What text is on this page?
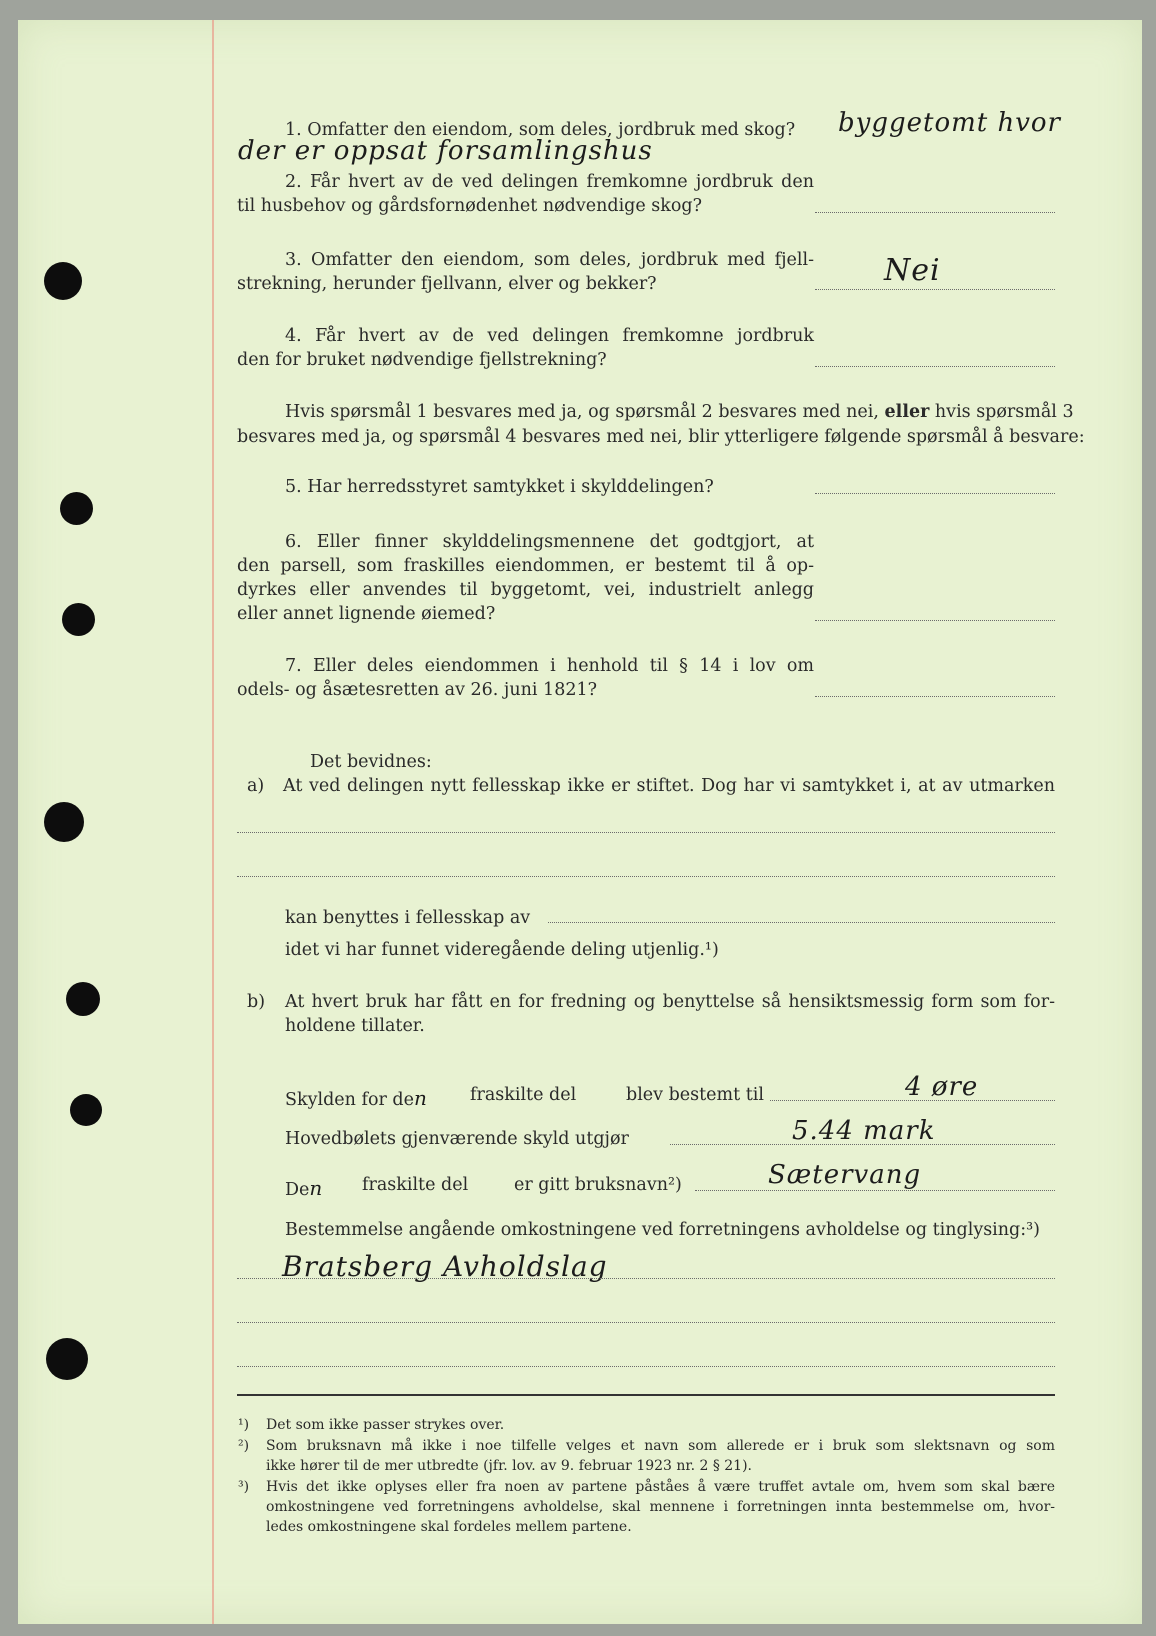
1. Omfatter den eiendom, som deles, jordbruk med skog? byggetomt hvor
der er oppsat forsamlingshus
2. Får hvert av de ved delingen fremkomne jordbruk den
til husbehov og gårdsfornødenhet nødvendige skog?
3. Omfatter den eiendom, som deles, jordbruk med fjell-
strekning, herunder fjellvann, elver og bekker?	Nei
4. Får hvert av de ved delingen fremkomne jordbruk
den for bruket nødvendige fjellstrekning?
Hvis spørsmål 1 besvares med ja, og spørsmål 2 besvares med nei, eller hvis spørsmål 3
besvares med ja, og spørsmål 4 besvares med nei, blir ytterligere følgende spørsmål å besvare:
5. Har herredsstyret samtykket i skylddelingen?
6. Eller finner skylddelingsmennene det godtgjort, at
den parsell, som fraskilles eiendommen, er bestemt til å op-
dyrkes eller anvendes til byggetomt, vei, industrielt anlegg
eller annet lignende øiemed?
7. Eller deles eiendommen i henhold til § 14 i lov om
odels- og åsætesretten av 26. juni 1821?
Det bevidnes:
a) At ved delingen nytt fellesskap ikke er stiftet. Dog har vi samtykket i, at av utmarken
kan benyttes i fellesskap av
idet vi har funnet videregående deling utjenlig.¹)
b) At hvert bruk har fått en for fredning og benyttelse så hensiktsmessig form som for-
holdene tillater.
Skylden for den fraskilte del	blev bestemt til	4 øre
Hovedbølets gjenværende skyld utgjør	5.44 mark
Den fraskilte del	er gitt bruksnavn²)	Sætervang
Bestemmelse angående omkostningene ved forretningens avholdelse og tinglysing:³)
Bratsberg Avholdslag
¹) Det som ikke passer strykes over.
²) Som bruksnavn må ikke i noe tilfelle velges et navn som allerede er i bruk som slektsnavn og som
ikke hører til de mer utbredte (jfr. lov. av 9. februar 1923 nr. 2 § 21).
³) Hvis det ikke oplyses eller fra noen av partene påståes å være truffet avtale om, hvem som skal bære
omkostningene ved forretningens avholdelse, skal mennene i forretningen innta bestemmelse om, hvor-
ledes omkostningene skal fordeles mellem partene.
